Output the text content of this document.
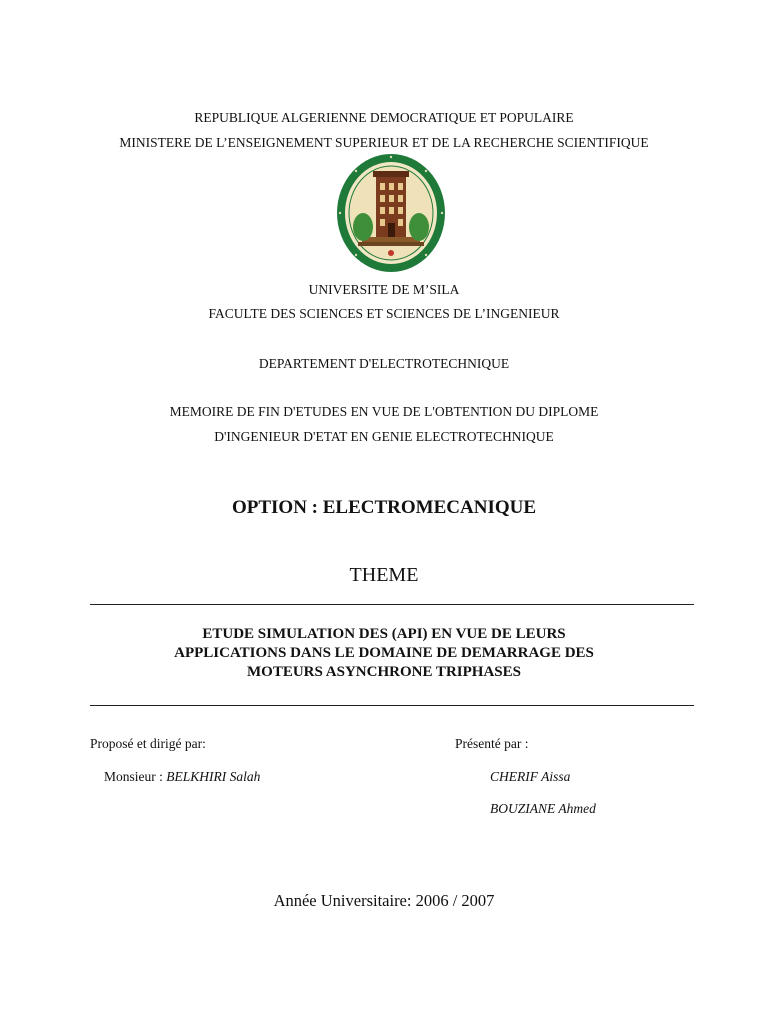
REPUBLIQUE ALGERIENNE DEMOCRATIQUE ET POPULAIRE
MINISTERE DE L’ENSEIGNEMENT SUPERIEUR ET DE LA RECHERCHE SCIENTIFIQUE
UNIVERSITE DE M’SILA
FACULTE DES SCIENCES ET SCIENCES DE L’INGENIEUR
DEPARTEMENT D'ELECTROTECHNIQUE
MEMOIRE DE FIN D'ETUDES EN VUE DE L'OBTENTION DU DIPLOME
D'INGENIEUR D'ETAT EN GENIE ELECTROTECHNIQUE
OPTION : ELECTROMECANIQUE
THEME
ETUDE SIMULATION DES (API) EN VUE DE LEURS
APPLICATIONS DANS LE DOMAINE DE DEMARRAGE DES
MOTEURS ASYNCHRONE TRIPHASES
Proposé et dirigé par:
Monsieur : BELKHIRI Salah
Présenté par :
CHERIF Aissa
BOUZIANE Ahmed
Année Universitaire: 2006 / 2007
